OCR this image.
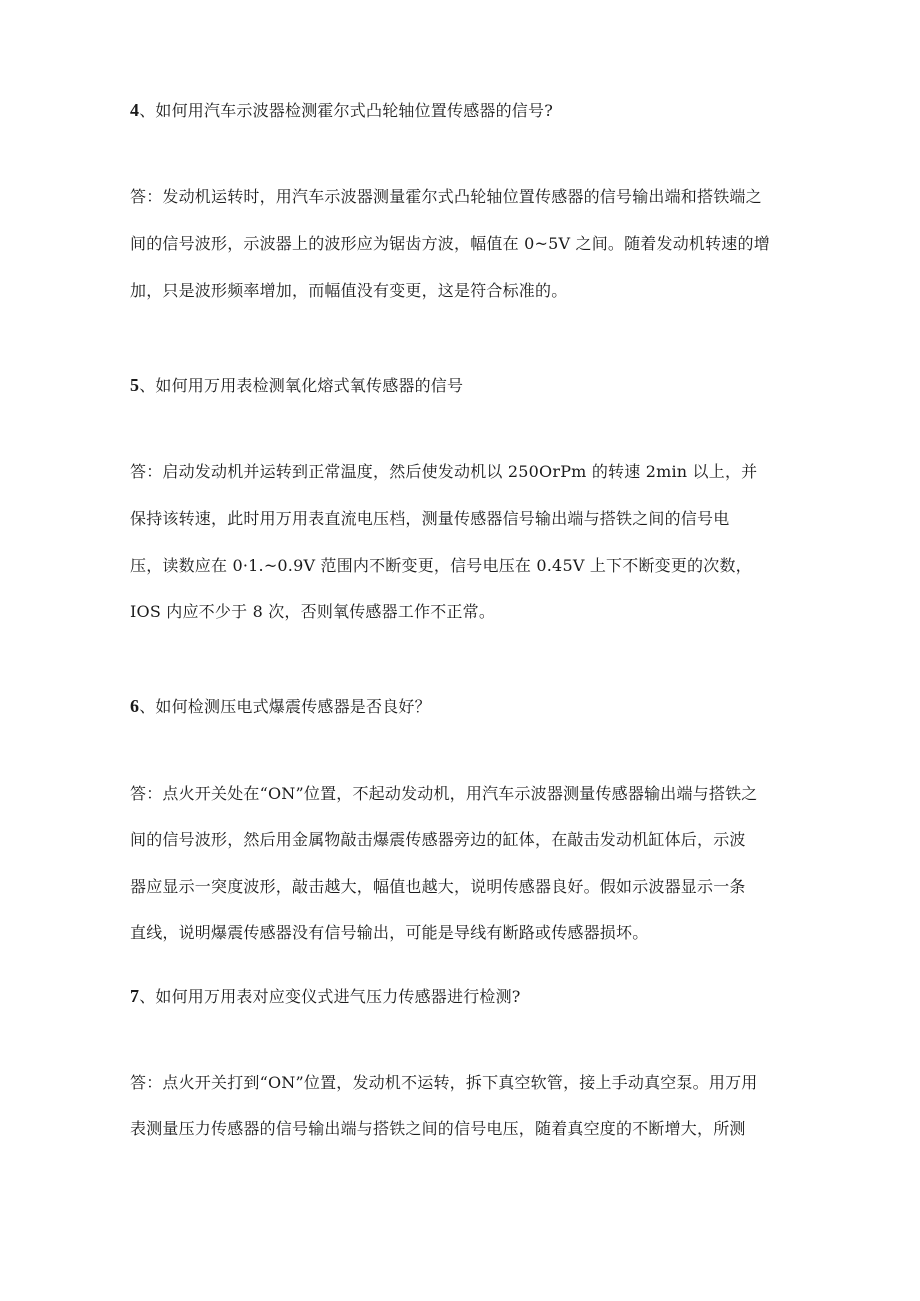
4、如何用汽车示波器检测霍尔式凸轮轴位置传感器的信号?
答：发动机运转时，用汽车示波器测量霍尔式凸轮轴位置传感器的信号输出端和搭铁端之
间的信号波形，示波器上的波形应为锯齿方波，幅值在 0~5V 之间。随着发动机转速的增
加，只是波形频率增加，而幅值没有变更，这是符合标准的。
5、如何用万用表检测氧化熔式氧传感器的信号
答：启动发动机并运转到正常温度，然后使发动机以 250OrPm 的转速 2min 以上，并
保持该转速，此时用万用表直流电压档，测量传感器信号输出端与搭铁之间的信号电
压，读数应在 0·1.~0.9V 范围内不断变更，信号电压在 0.45V 上下不断变更的次数，
IOS 内应不少于 8 次，否则氧传感器工作不正常。
6、如何检测压电式爆震传感器是否良好？
答：点火开关处在“ON”位置，不起动发动机，用汽车示波器测量传感器输出端与搭铁之
间的信号波形，然后用金属物敲击爆震传感器旁边的缸体，在敲击发动机缸体后，示波
器应显示一突度波形，敲击越大，幅值也越大，说明传感器良好。假如示波器显示一条
直线，说明爆震传感器没有信号输出，可能是导线有断路或传感器损坏。
7、如何用万用表对应变仪式进气压力传感器进行检测?
答：点火开关打到“ON”位置，发动机不运转，拆下真空软管，接上手动真空泵。用万用
表测量压力传感器的信号输出端与搭铁之间的信号电压，随着真空度的不断增大，所测
